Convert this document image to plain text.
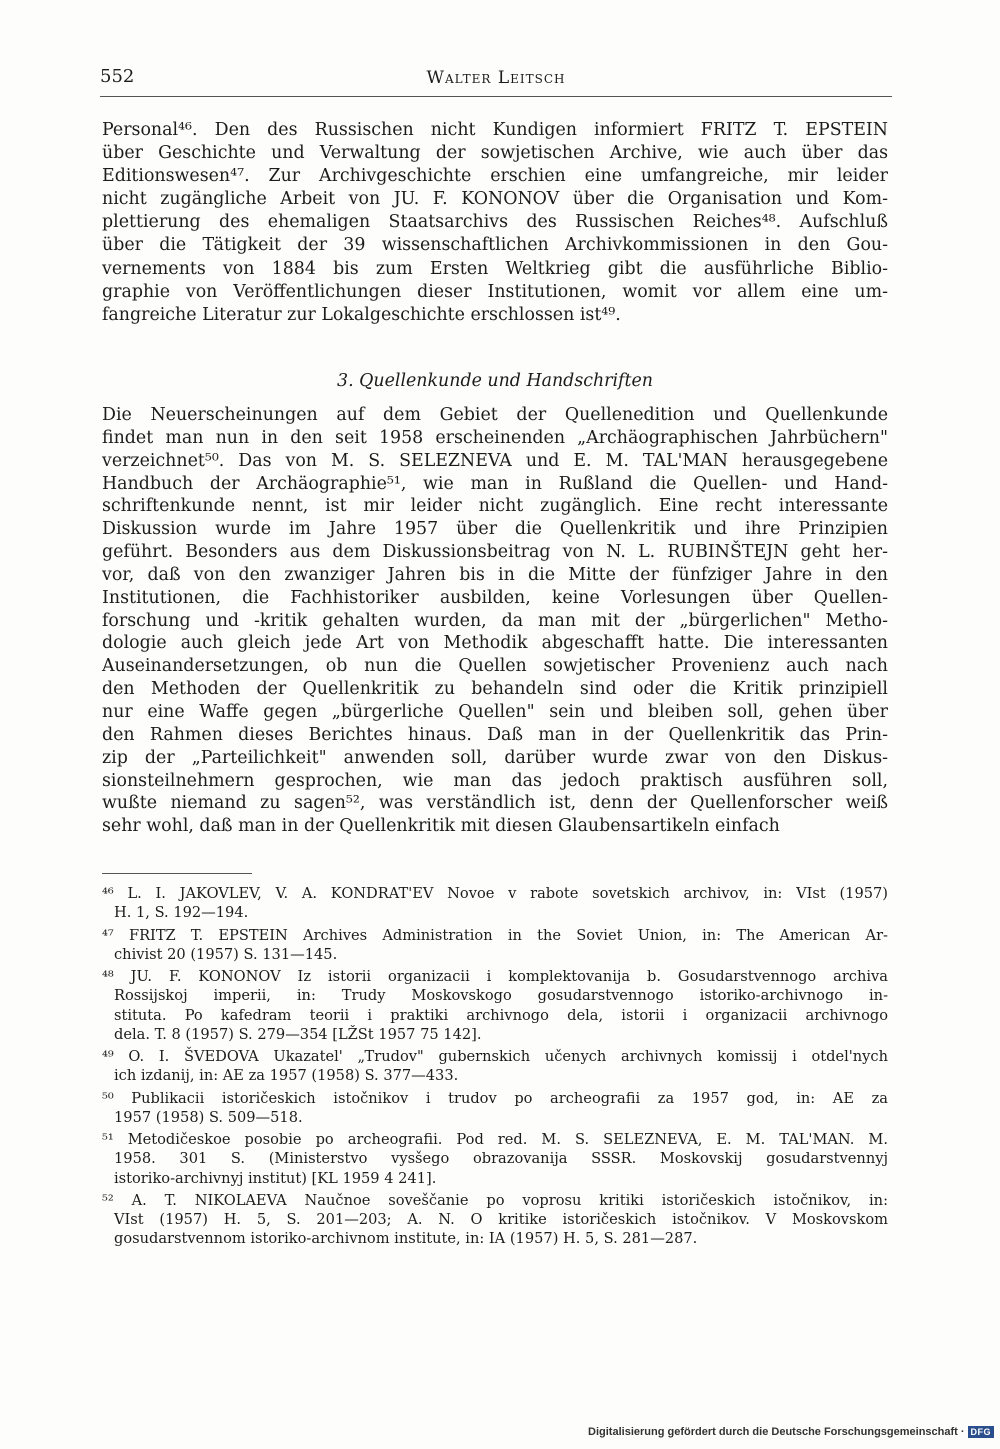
552	Walter Leitsch
Personal⁴⁶. Den des Russischen nicht Kundigen informiert FRITZ T. EPSTEIN
über Geschichte und Verwaltung der sowjetischen Archive, wie auch über das
Editionswesen⁴⁷. Zur Archivgeschichte erschien eine umfangreiche, mir leider
nicht zugängliche Arbeit von JU. F. KONONOV über die Organisation und Kom-
plettierung des ehemaligen Staatsarchivs des Russischen Reiches⁴⁸. Aufschluß
über die Tätigkeit der 39 wissenschaftlichen Archivkommissionen in den Gou-
vernements von 1884 bis zum Ersten Weltkrieg gibt die ausführliche Biblio-
graphie von Veröffentlichungen dieser Institutionen, womit vor allem eine um-
fangreiche Literatur zur Lokalgeschichte erschlossen ist⁴⁹.
3. Quellenkunde und Handschriften
Die Neuerscheinungen auf dem Gebiet der Quellenedition und Quellenkunde
findet man nun in den seit 1958 erscheinenden „Archäographischen Jahrbüchern"
verzeichnet⁵⁰. Das von M. S. SELEZNEVA und E. M. TAL'MAN herausgegebene
Handbuch der Archäographie⁵¹, wie man in Rußland die Quellen- und Hand-
schriftenkunde nennt, ist mir leider nicht zugänglich. Eine recht interessante
Diskussion wurde im Jahre 1957 über die Quellenkritik und ihre Prinzipien
geführt. Besonders aus dem Diskussionsbeitrag von N. L. RUBINŠTEJN geht her-
vor, daß von den zwanziger Jahren bis in die Mitte der fünfziger Jahre in den
Institutionen, die Fachhistoriker ausbilden, keine Vorlesungen über Quellen-
forschung und -kritik gehalten wurden, da man mit der „bürgerlichen" Metho-
dologie auch gleich jede Art von Methodik abgeschafft hatte. Die interessanten
Auseinandersetzungen, ob nun die Quellen sowjetischer Provenienz auch nach
den Methoden der Quellenkritik zu behandeln sind oder die Kritik prinzipiell
nur eine Waffe gegen „bürgerliche Quellen" sein und bleiben soll, gehen über
den Rahmen dieses Berichtes hinaus. Daß man in der Quellenkritik das Prin-
zip der „Parteilichkeit" anwenden soll, darüber wurde zwar von den Diskus-
sionsteilnehmern gesprochen, wie man das jedoch praktisch ausführen soll,
wußte niemand zu sagen⁵², was verständlich ist, denn der Quellenforscher weiß
sehr wohl, daß man in der Quellenkritik mit diesen Glaubensartikeln einfach
⁴⁶ L. I. JAKOVLEV, V. A. KONDRAT'EV Novoe v rabote sovetskich archivov, in: VIst (1957)
H. 1, S. 192—194.
⁴⁷ FRITZ T. EPSTEIN Archives Administration in the Soviet Union, in: The American Ar-
chivist 20 (1957) S. 131—145.
⁴⁸ JU. F. KONONOV Iz istorii organizacii i komplektovanija b. Gosudarstvennogo archiva
Rossijskoj imperii, in: Trudy Moskovskogo gosudarstvennogo istoriko-archivnogo in-
stituta. Po kafedram teorii i praktiki archivnogo dela, istorii i organizacii archivnogo
dela. T. 8 (1957) S. 279—354 [LŽSt 1957 75 142].
⁴⁹ O. I. ŠVEDOVA Ukazatel' „Trudov" gubernskich učenych archivnych komissij i otdel'nych
ich izdanij, in: AE za 1957 (1958) S. 377—433.
⁵⁰ Publikacii istoričeskich istočnikov i trudov po archeografii za 1957 god, in: AE za
1957 (1958) S. 509—518.
⁵¹ Metodičeskoe posobie po archeografii. Pod red. M. S. SELEZNEVA, E. M. TAL'MAN. M.
1958. 301 S. (Ministerstvo vysšego obrazovanija SSSR. Moskovskij gosudarstvennyj
istoriko-archivnyj institut) [KL 1959 4 241].
⁵² A. T. NIKOLAEVA Naučnoe soveščanie po voprosu kritiki istoričeskich istočnikov, in:
VIst (1957) H. 5, S. 201—203; A. N. O kritike istoričeskich istočnikov. V Moskovskom
gosudarstvennom istoriko-archivnom institute, in: IA (1957) H. 5, S. 281—287.
Digitalisierung gefördert durch die Deutsche Forschungsgemeinschaft · DFG
